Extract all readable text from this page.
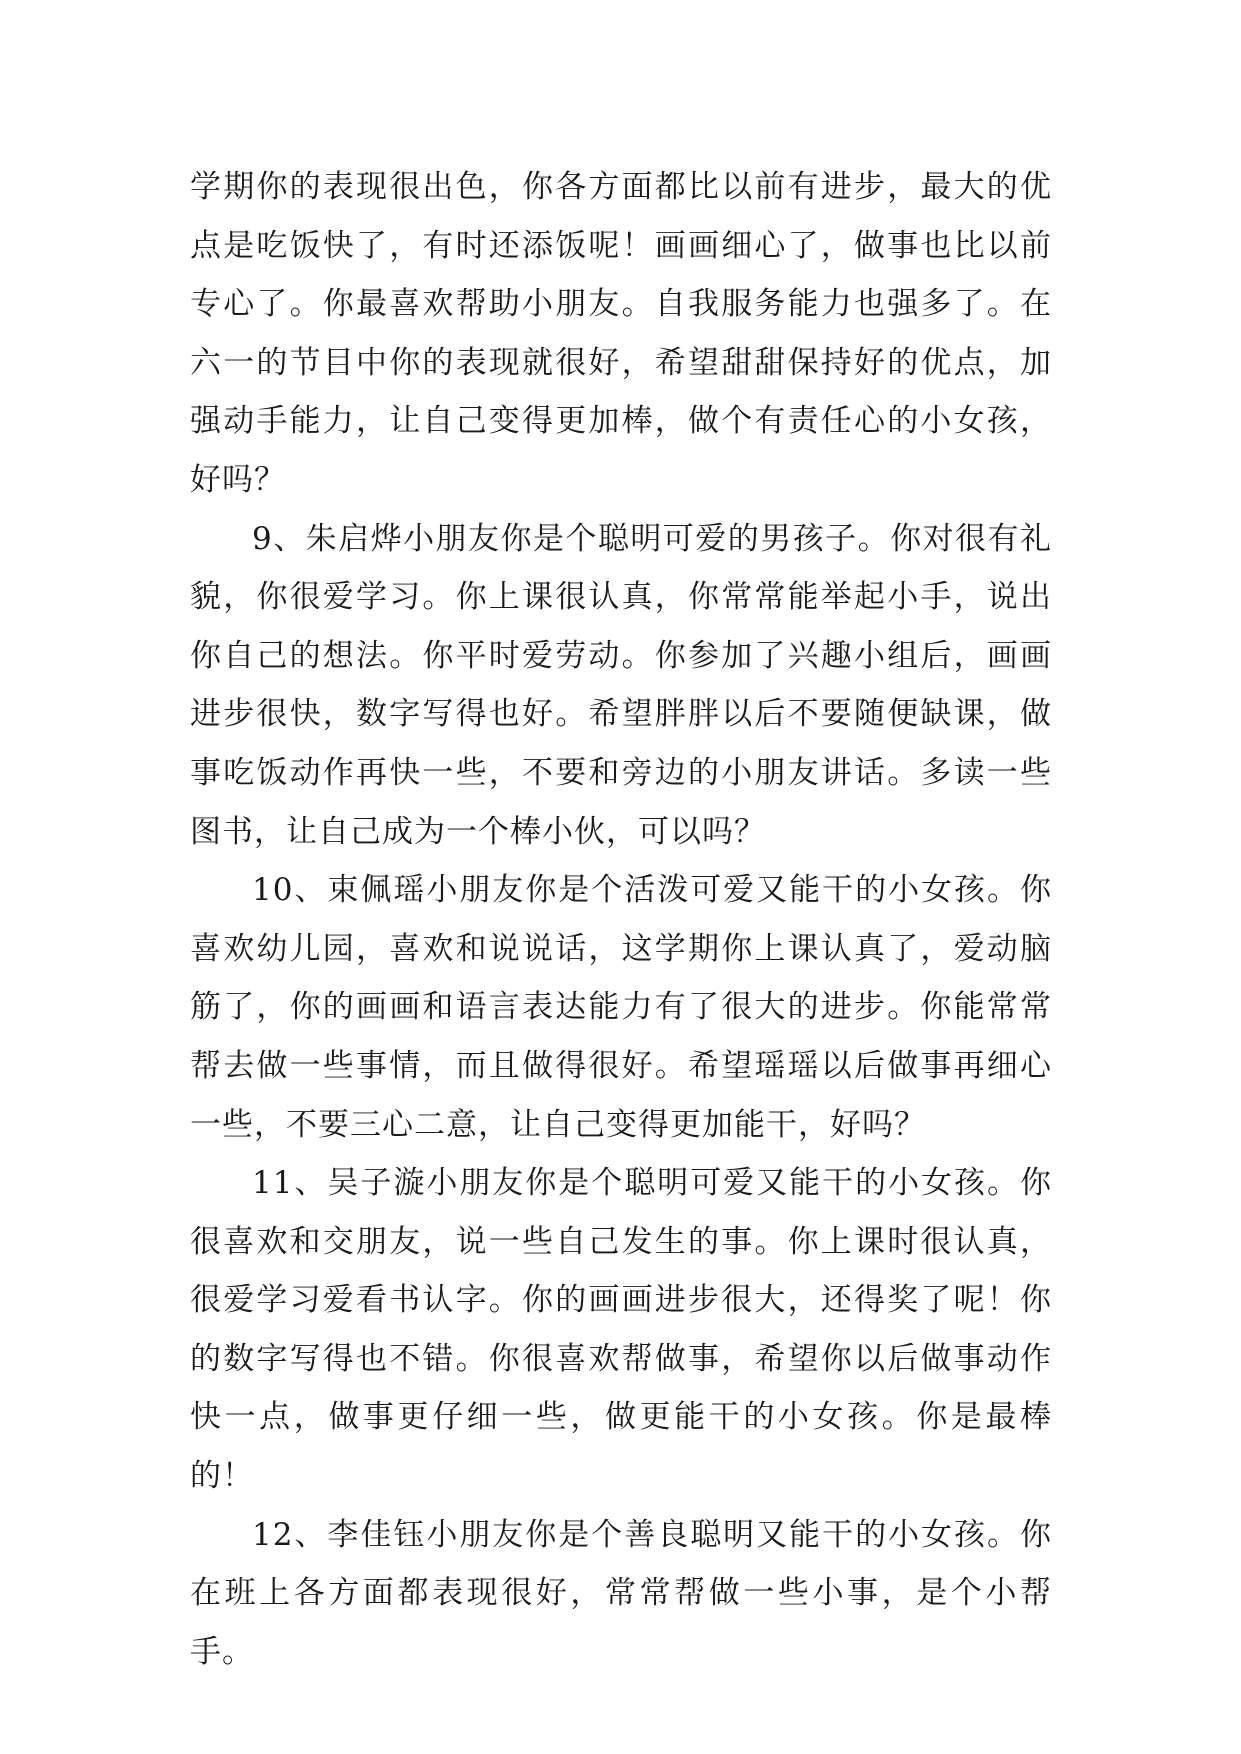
学期你的表现很出色，你各方面都比以前有进步，最大的优点是吃饭快了，有时还添饭呢！画画细心了，做事也比以前专心了。你最喜欢帮助小朋友。自我服务能力也强多了。在六一的节目中你的表现就很好，希望甜甜保持好的优点，加强动手能力，让自己变得更加棒，做个有责任心的小女孩，好吗？

9、朱启烨小朋友你是个聪明可爱的男孩子。你对很有礼貌，你很爱学习。你上课很认真，你常常能举起小手，说出你自己的想法。你平时爱劳动。你参加了兴趣小组后，画画进步很快，数字写得也好。希望胖胖以后不要随便缺课，做事吃饭动作再快一些，不要和旁边的小朋友讲话。多读一些图书，让自己成为一个棒小伙，可以吗？

10、束佩瑶小朋友你是个活泼可爱又能干的小女孩。你喜欢幼儿园，喜欢和说说话，这学期你上课认真了，爱动脑筋了，你的画画和语言表达能力有了很大的进步。你能常常帮去做一些事情，而且做得很好。希望瑶瑶以后做事再细心一些，不要三心二意，让自己变得更加能干，好吗？

11、吴子漩小朋友你是个聪明可爱又能干的小女孩。你很喜欢和交朋友，说一些自己发生的事。你上课时很认真，很爱学习爱看书认字。你的画画进步很大，还得奖了呢！你的数字写得也不错。你很喜欢帮做事，希望你以后做事动作快一点，做事更仔细一些，做更能干的小女孩。你是最棒的！

12、李佳钰小朋友你是个善良聪明又能干的小女孩。你在班上各方面都表现很好，常常帮做一些小事，是个小帮手。
